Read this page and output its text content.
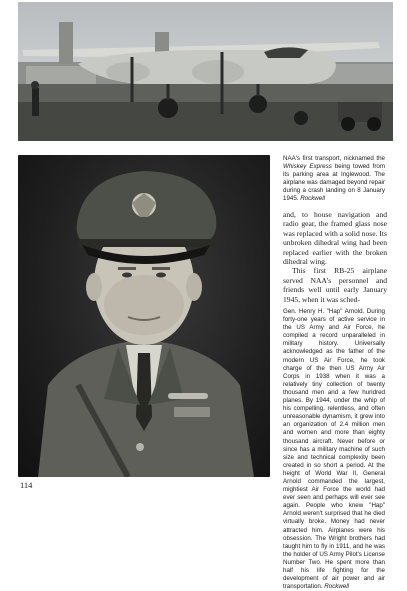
NAA's first transport, nicknamed the Whiskey Express being towed from its parking area at Inglewood. The airplane was damaged beyond repair during a crash landing on 8 January 1945. Rockwell

and, to house navigation and radio gear, the framed glass nose was replaced with a solid nose. Its unbroken dihedral wing had been replaced earlier with the broken dihedral wing.

This first RB-25 airplane served NAA's personnel and friends well until early January 1945, when it was sched-

Gen. Henry H. "Hap" Arnold. During forty-one years of active service in the US Army and Air Force, he compiled a record unparalleled in military history. Universally acknowledged as the father of the modern US Air Force, he took charge of the then US Army Air Corps in 1938 when it was a relatively tiny collection of twenty thousand men and a few hundred planes. By 1944, under the whip of his compelling, relentless, and often unreasonable dynamism, it grew into an organization of 2.4 million men and women and more than eighty thousand aircraft. Never before or since has a military machine of such size and technical complexity been created in so short a period. At the height of World War II, General Arnold commanded the largest, mightiest Air Force the world had ever seen and perhaps will ever see again. People who knew "Hap" Arnold weren't surprised that he died virtually broke. Money had never attracted him. Airplanes were his obsession. The Wright brothers had taught him to fly in 1911, and he was the holder of US Army Pilot's License Number Two. He spent more than half his life fighting for the development of air power and air transportation. Rockwell
114
